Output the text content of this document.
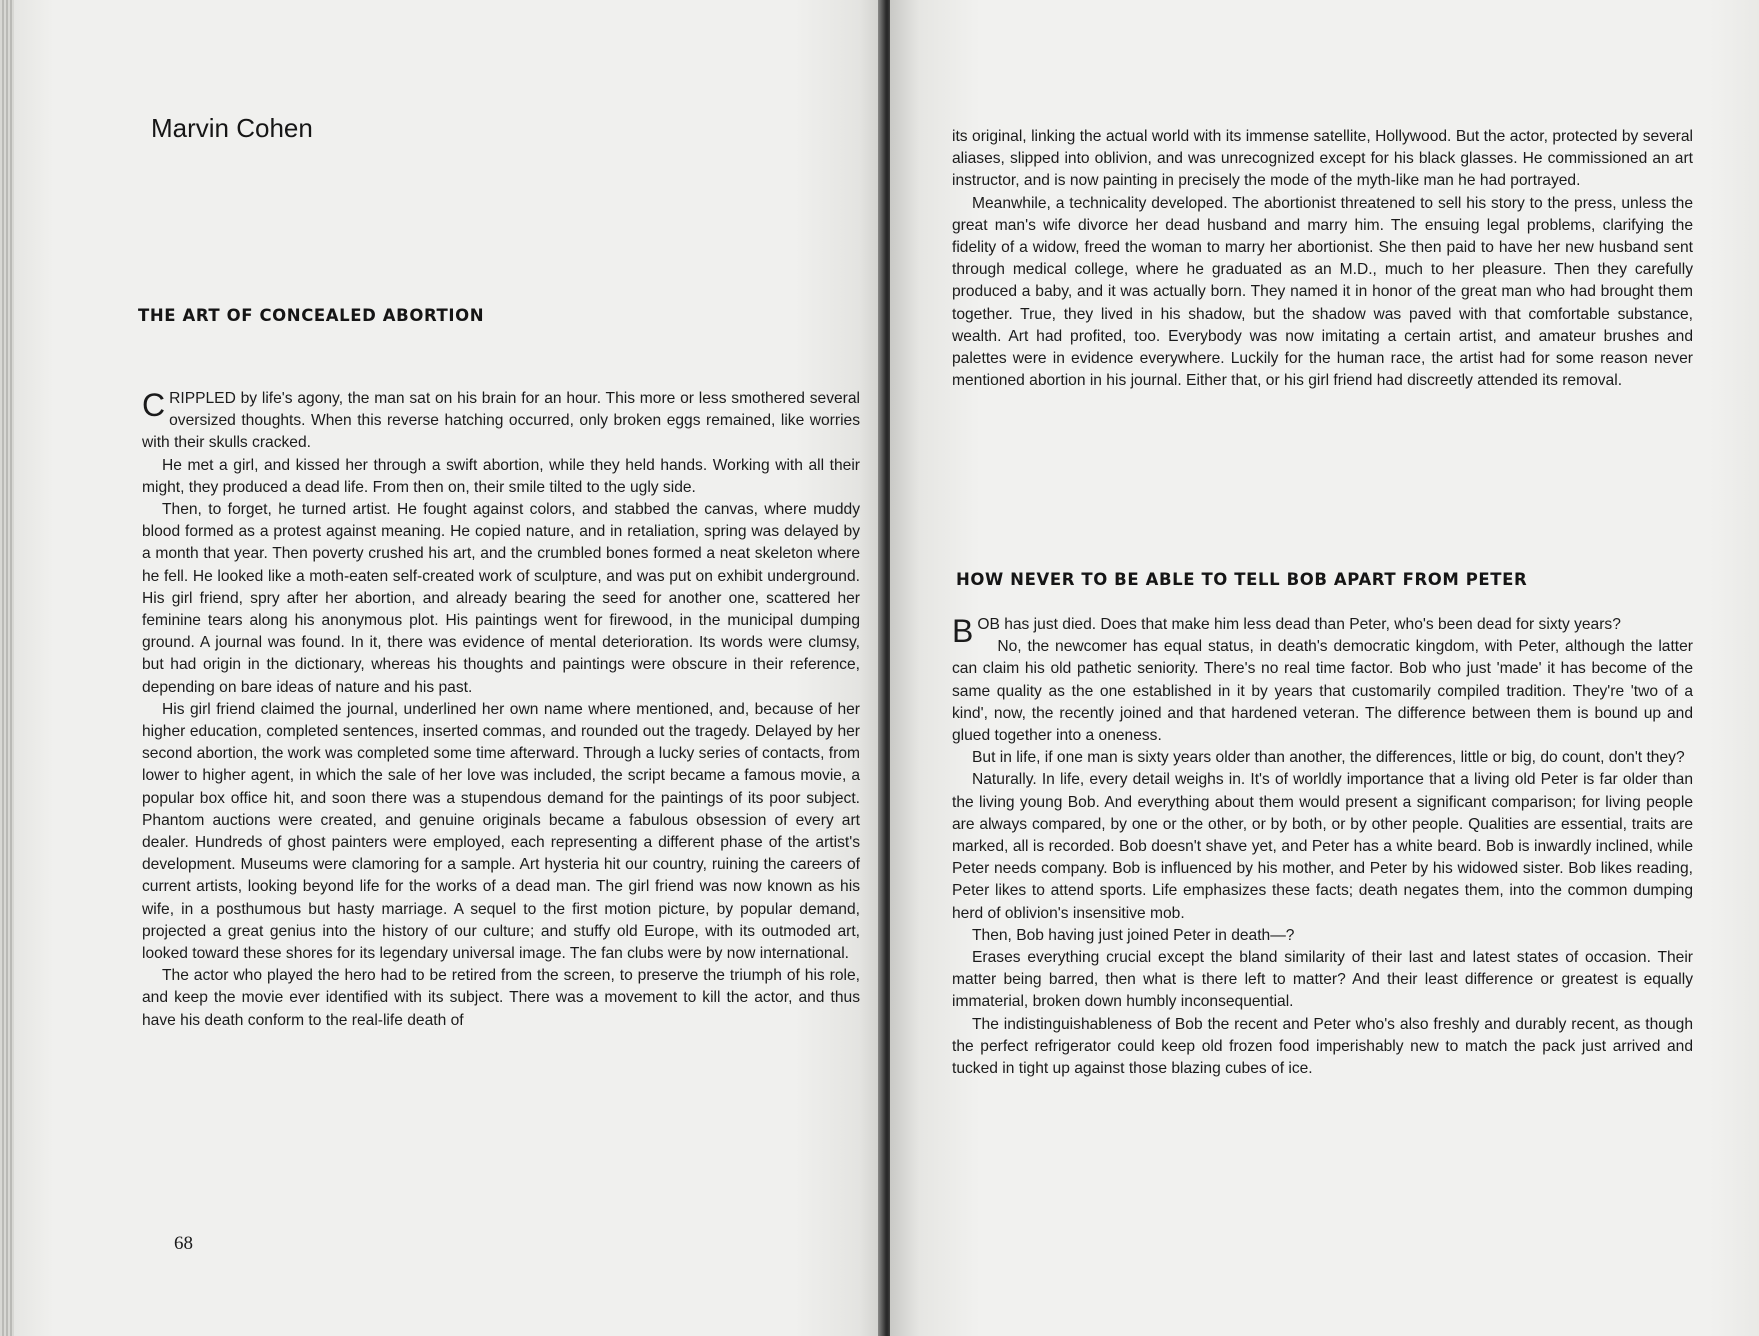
Marvin Cohen
THE ART OF CONCEALED ABORTION

CRIPPLED by life's agony, the man sat on his brain for an hour. This more or less smothered several oversized thoughts. When this reverse hatching occurred, only broken eggs remained, like worries with their skulls cracked.

He met a girl, and kissed her through a swift abortion, while they held hands. Working with all their might, they produced a dead life. From then on, their smile tilted to the ugly side.

Then, to forget, he turned artist. He fought against colors, and stabbed the canvas, where muddy blood formed as a protest against meaning. He copied nature, and in retaliation, spring was delayed by a month that year. Then poverty crushed his art, and the crumbled bones formed a neat skeleton where he fell. He looked like a moth-eaten self-created work of sculpture, and was put on exhibit underground. His girl friend, spry after her abortion, and already bearing the seed for another one, scattered her feminine tears along his anonymous plot. His paintings went for firewood, in the municipal dumping ground. A journal was found. In it, there was evidence of mental deterioration. Its words were clumsy, but had origin in the dictionary, whereas his thoughts and paintings were obscure in their reference, depending on bare ideas of nature and his past.

His girl friend claimed the journal, underlined her own name where mentioned, and, because of her higher education, completed sentences, inserted commas, and rounded out the tragedy. Delayed by her second abortion, the work was completed some time afterward. Through a lucky series of contacts, from lower to higher agent, in which the sale of her love was included, the script became a famous movie, a popular box office hit, and soon there was a stupendous demand for the paintings of its poor subject. Phantom auctions were created, and genuine originals became a fabulous obsession of every art dealer. Hundreds of ghost painters were employed, each representing a different phase of the artist's development. Museums were clamoring for a sample. Art hysteria hit our country, ruining the careers of current artists, looking beyond life for the works of a dead man. The girl friend was now known as his wife, in a posthumous but hasty marriage. A sequel to the first motion picture, by popular demand, projected a great genius into the history of our culture; and stuffy old Europe, with its outmoded art, looked toward these shores for its legendary universal image. The fan clubs were by now international.

The actor who played the hero had to be retired from the screen, to preserve the triumph of his role, and keep the movie ever identified with its subject. There was a movement to kill the actor, and thus have his death conform to the real-life death of

68

its original, linking the actual world with its immense satellite, Hollywood. But the actor, protected by several aliases, slipped into oblivion, and was unrecognized except for his black glasses. He commissioned an art instructor, and is now painting in precisely the mode of the myth-like man he had portrayed.

Meanwhile, a technicality developed. The abortionist threatened to sell his story to the press, unless the great man's wife divorce her dead husband and marry him. The ensuing legal problems, clarifying the fidelity of a widow, freed the woman to marry her abortionist. She then paid to have her new husband sent through medical college, where he graduated as an M.D., much to her pleasure. Then they carefully produced a baby, and it was actually born. They named it in honor of the great man who had brought them together. True, they lived in his shadow, but the shadow was paved with that comfortable substance, wealth. Art had profited, too. Everybody was now imitating a certain artist, and amateur brushes and palettes were in evidence everywhere. Luckily for the human race, the artist had for some reason never mentioned abortion in his journal. Either that, or his girl friend had discreetly attended its removal.

HOW NEVER TO BE ABLE TO TELL BOB APART FROM PETER

BOB has just died. Does that make him less dead than Peter, who's been dead for sixty years?

No, the newcomer has equal status, in death's democratic kingdom, with Peter, although the latter can claim his old pathetic seniority. There's no real time factor. Bob who just 'made' it has become of the same quality as the one established in it by years that customarily compiled tradition. They're 'two of a kind', now, the recently joined and that hardened veteran. The difference between them is bound up and glued together into a oneness.

But in life, if one man is sixty years older than another, the differences, little or big, do count, don't they?

Naturally. In life, every detail weighs in. It's of worldly importance that a living old Peter is far older than the living young Bob. And everything about them would present a significant comparison; for living people are always compared, by one or the other, or by both, or by other people. Qualities are essential, traits are marked, all is recorded. Bob doesn't shave yet, and Peter has a white beard. Bob is inwardly inclined, while Peter needs company. Bob is influenced by his mother, and Peter by his widowed sister. Bob likes reading, Peter likes to attend sports. Life emphasizes these facts; death negates them, into the common dumping herd of oblivion's insensitive mob.

Then, Bob having just joined Peter in death—?

Erases everything crucial except the bland similarity of their last and latest states of occasion. Their matter being barred, then what is there left to matter? And their least difference or greatest is equally immaterial, broken down humbly inconsequential.

The indistinguishableness of Bob the recent and Peter who's also freshly and durably recent, as though the perfect refrigerator could keep old frozen food imperishably new to match the pack just arrived and tucked in tight up against those blazing cubes of ice.
